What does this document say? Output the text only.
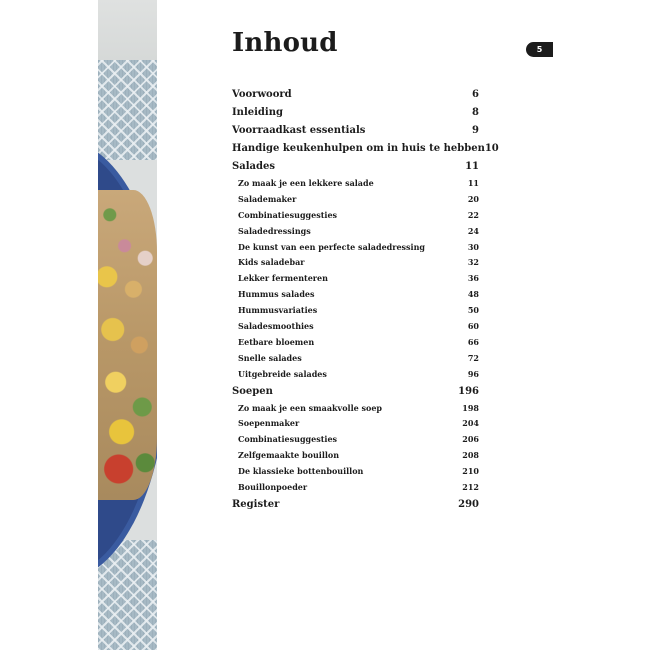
Inhoud	5
Voorwoord	6
Inleiding	8
Voorraadkast essentials	9
Handige keukenhulpen om in huis te hebben 10
Salades	11
Zo maak je een lekkere salade	11
Salademaker	20
Combinatiesuggesties	22
Saladedressings	24
De kunst van een perfecte saladedressing	30
Kids saladebar	32
Lekker fermenteren	36
Hummus salades	48
Hummusvariaties	50
Saladesmoothies	60
Eetbare bloemen	66
Snelle salades	72
Uitgebreide salades	96
Soepen	196
Zo maak je een smaakvolle soep	198
Soepenmaker	204
Combinatiesuggesties	206
Zelfgemaakte bouillon	208
De klassieke bottenbouillon	210
Bouillonpoeder	212
Register	290
